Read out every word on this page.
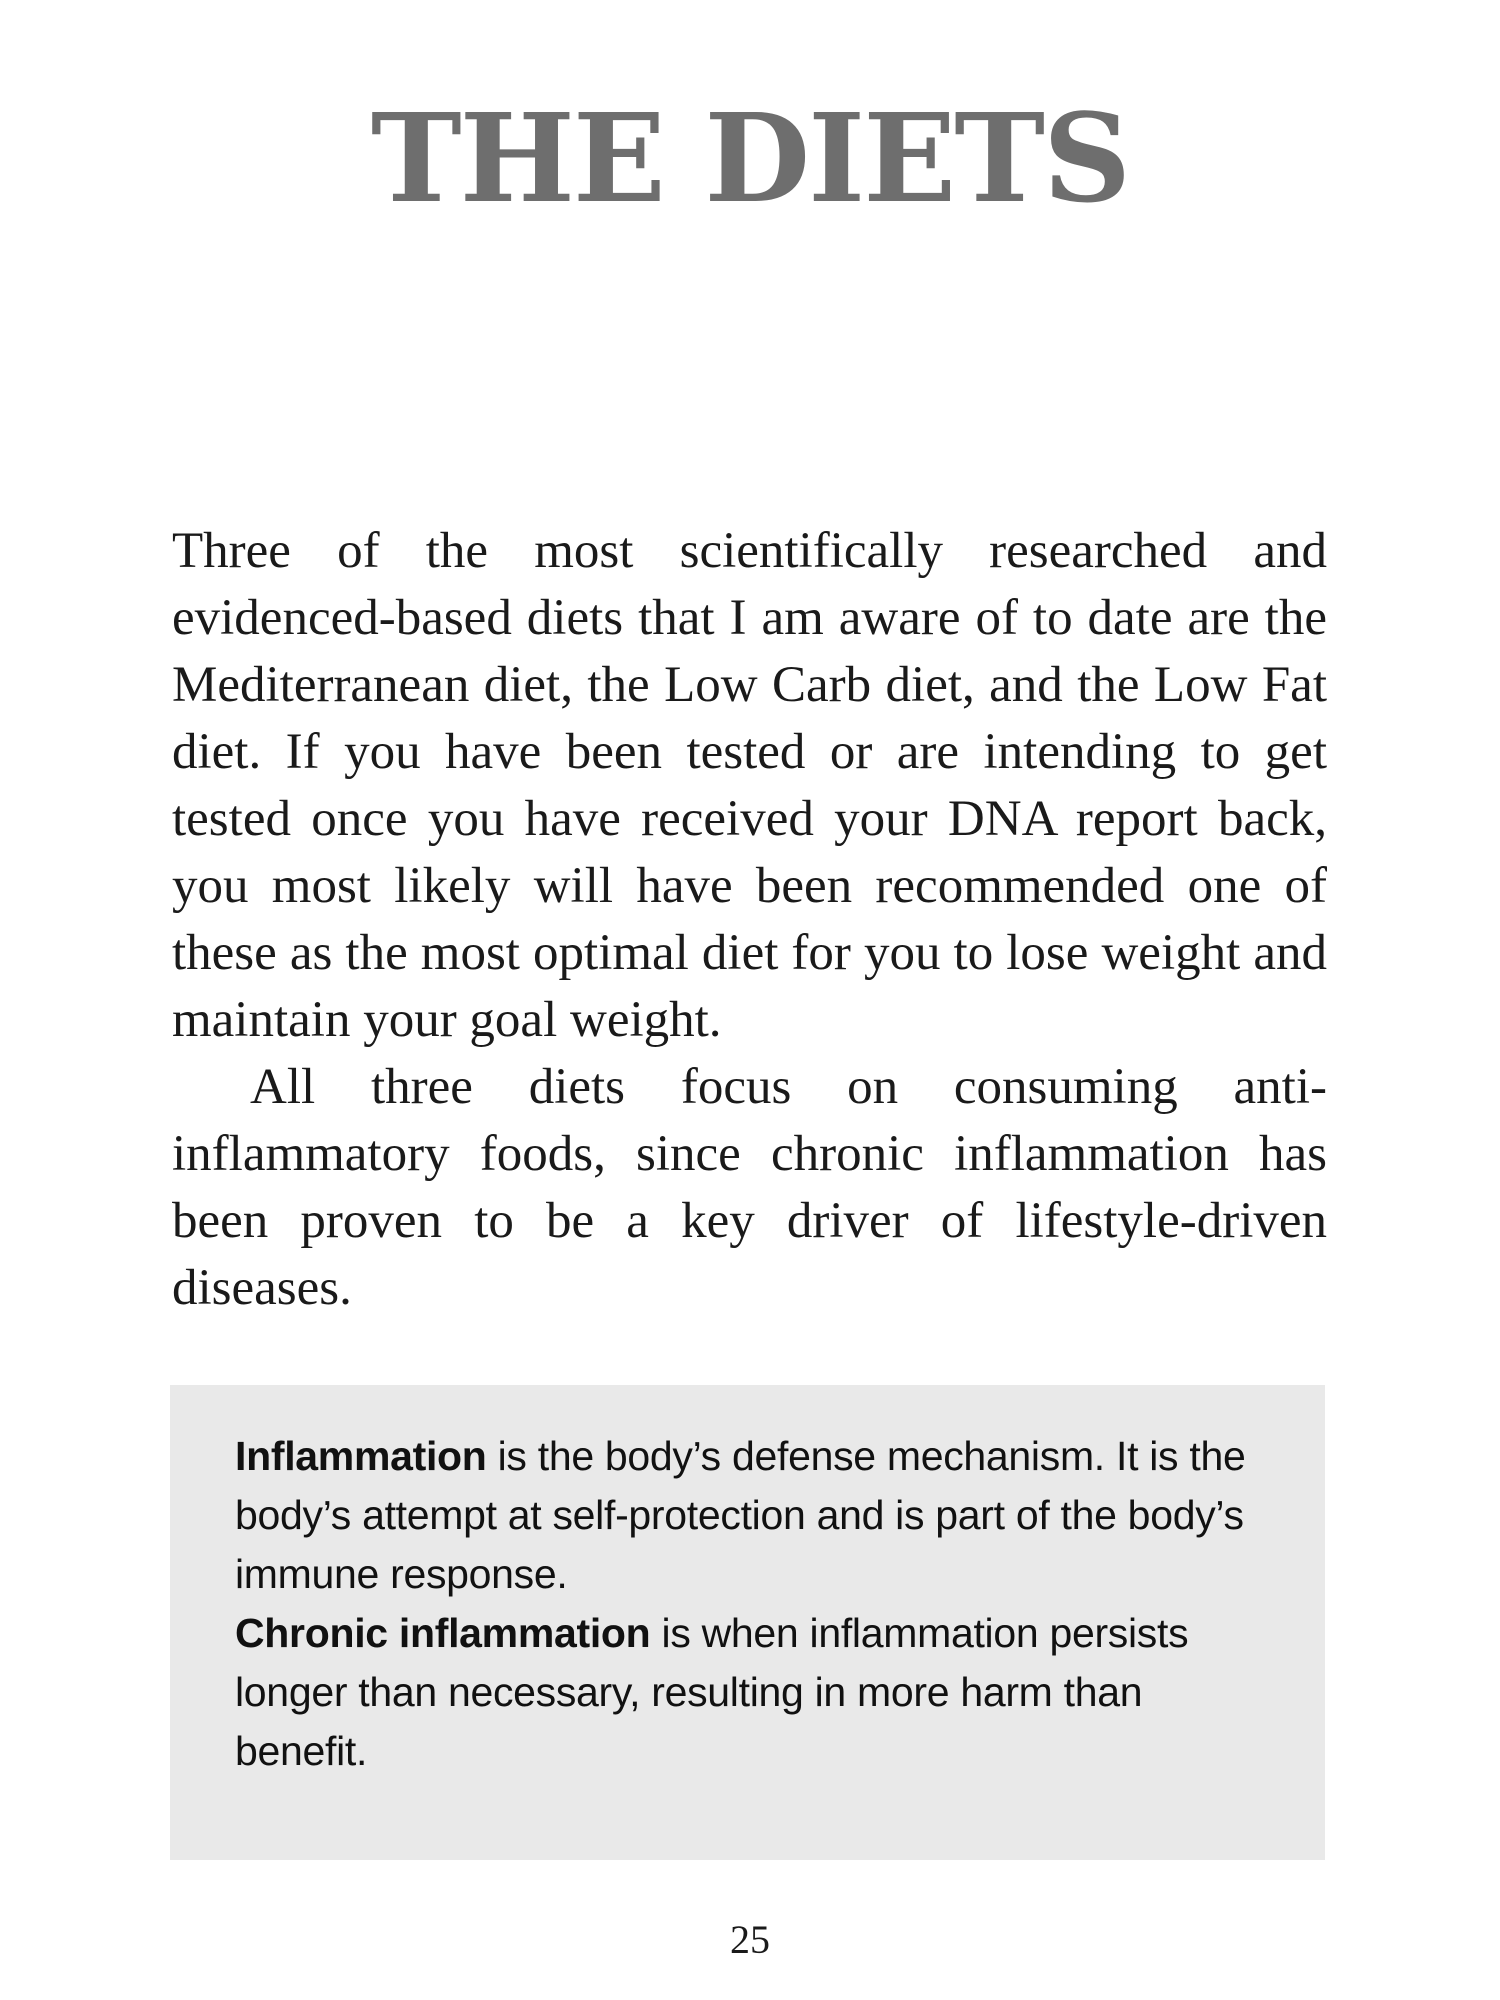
THE DIETS

Three of the most scientifically researched and evidenced-based diets that I am aware of to date are the Mediterranean diet, the Low Carb diet, and the Low Fat diet. If you have been tested or are intending to get tested once you have received your DNA report back, you most likely will have been recommended one of these as the most optimal diet for you to lose weight and maintain your goal weight.

All three diets focus on consuming anti-inflammatory foods, since chronic inflammation has been proven to be a key driver of lifestyle-driven diseases.

Inflammation is the body’s defense mechanism. It is the body’s attempt at self-protection and is part of the body’s immune response.

Chronic inflammation is when inflammation persists longer than necessary, resulting in more harm than benefit.

25
